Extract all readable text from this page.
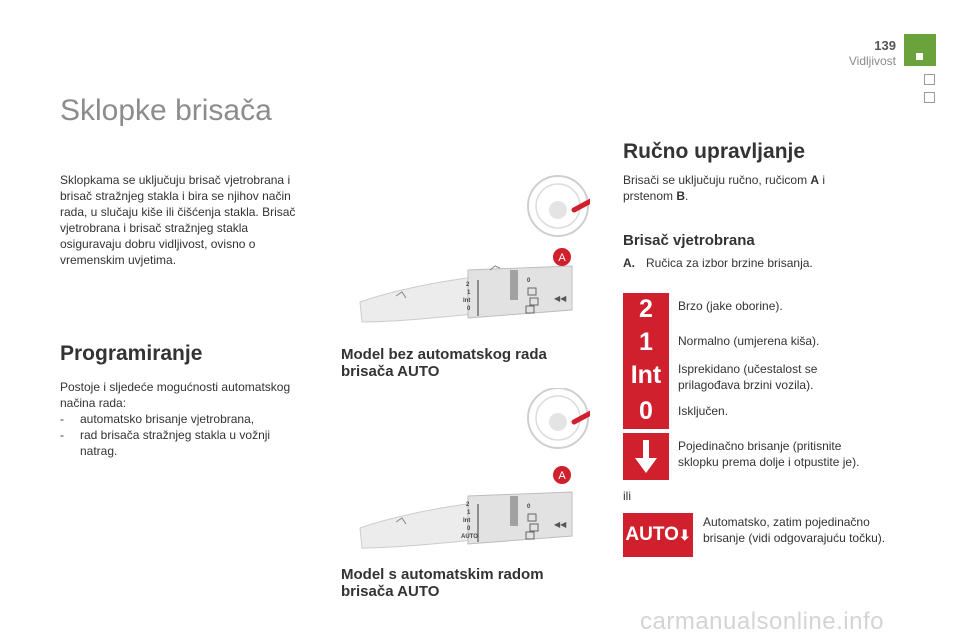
139
Vidljivost
Sklopke brisača
Sklopkama se uključuju brisač vjetrobrana i brisač stražnjeg stakla i bira se njihov način rada, u slučaju kiše ili čišćenja stakla. Brisač vjetrobrana i brisač stražnjeg stakla osiguravaju dobru vidljivost, ovisno o vremenskim uvjetima.
Programiranje
Postoje i sljedeće mogućnosti automatskog načina rada:
- automatsko brisanje vjetrobrana,
- rad brisača stražnjeg stakla u vožnji natrag.
2
1
Int
0
0
◀◀
A
Model bez automatskog rada brisača AUTO
2
1
Int
0
AUTO
0
◀◀
A
Model s automatskim radom brisača AUTO
Ručno upravljanje
Brisači se uključuju ručno, ručicom A i prstenom B.
Brisač vjetrobrana
A. Ručica za izbor brzine brisanja.
2
1
Int
0
Brzo (jake oborine).
Normalno (umjerena kiša).
Isprekidano (učestalost se prilagođava brzini vozila).
Isključen.
Pojedinačno brisanje (pritisnite sklopku prema dolje i otpustite je).
ili
AUTO⬇
Automatsko, zatim pojedinačno brisanje (vidi odgovarajuću točku).
carmanualsonline.info
